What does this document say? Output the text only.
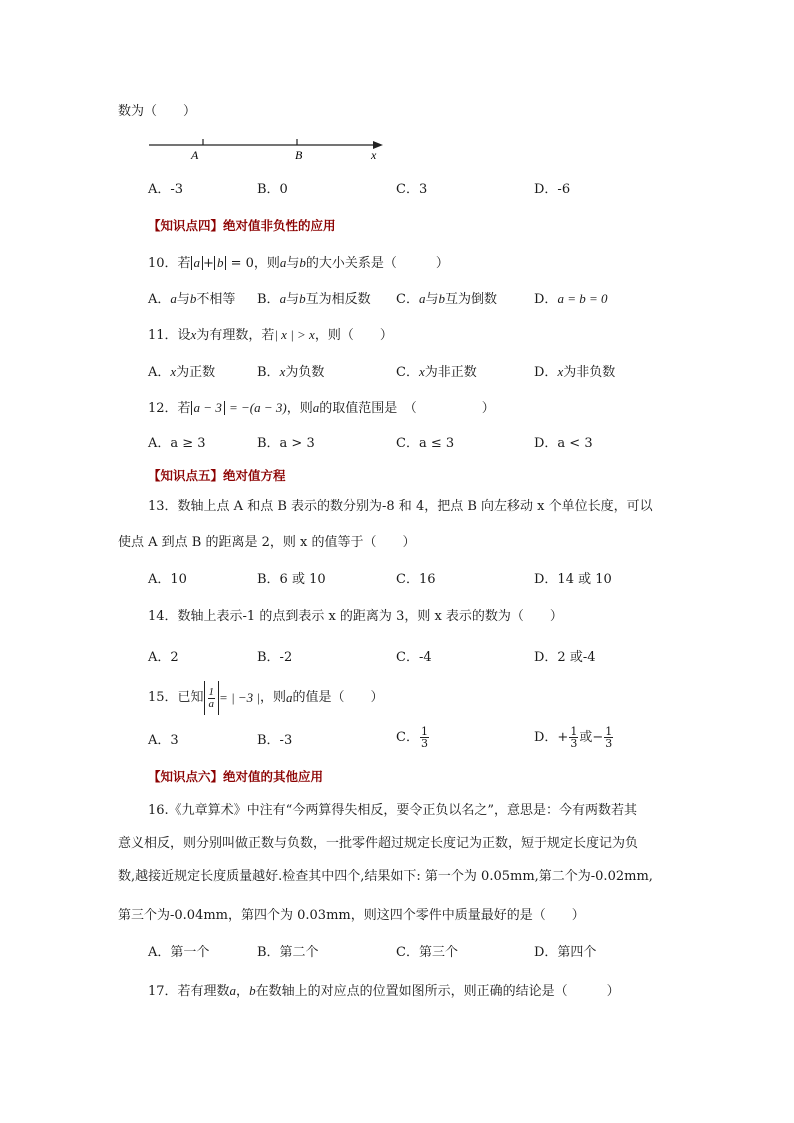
数为（　　）
A	B	x
A．-3	B．0	C．3	D．-6
【知识点四】绝对值非负性的应用
10．若 a + b = 0，则a与b的大小关系是（　　　）
A．a与b不相等 B．a与b互为相反数 C．a与b互为倒数	D．a = b = 0
11．设x为有理数，若| x | > x，则（　　）
A．x为正数	B．x为负数	C．x为非正数	D．x为非负数
12．若 a − 3 = −(a − 3)，则a的取值范围是　（　　　　　）
A．a ≥ 3	B．a > 3	C．a ≤ 3	D．a < 3
【知识点五】绝对值方程
13．数轴上点 A 和点 B 表示的数分别为-8 和 4，把点 B 向左移动 x 个单位长度，可以
使点 A 到点 B 的距离是 2，则 x 的值等于（　　）
A．10	B．6 或 10	C．16	D．14 或 10
14．数轴上表示-1 的点到表示 x 的距离为 3，则 x 表示的数为（　　）
A．2	B．-2	C．-4	D．2 或-4
15．已知 $\frac{1}{a}$ = | −3 | ，则 a 的值是（　　）
A．3	B．-3	C． $\frac{1}{3}$	D．+ $\frac{1}{3}$ 或− $\frac{1}{3}$
【知识点六】绝对值的其他应用
16.《九章算术》中注有“今两算得失相反，要令正负以名之”，意思是：今有两数若其
意义相反，则分别叫做正数与负数，一批零件超过规定长度记为正数，短于规定长度记为负
数,越接近规定长度质量越好.检查其中四个,结果如下: 第一个为 0.05mm,第二个为-0.02mm,
第三个为-0.04mm，第四个为 0.03mm，则这四个零件中质量最好的是（　　）
A．第一个	B．第二个	C．第三个	D．第四个
17．若有理数a，b在数轴上的对应点的位置如图所示，则正确的结论是（　　　）
